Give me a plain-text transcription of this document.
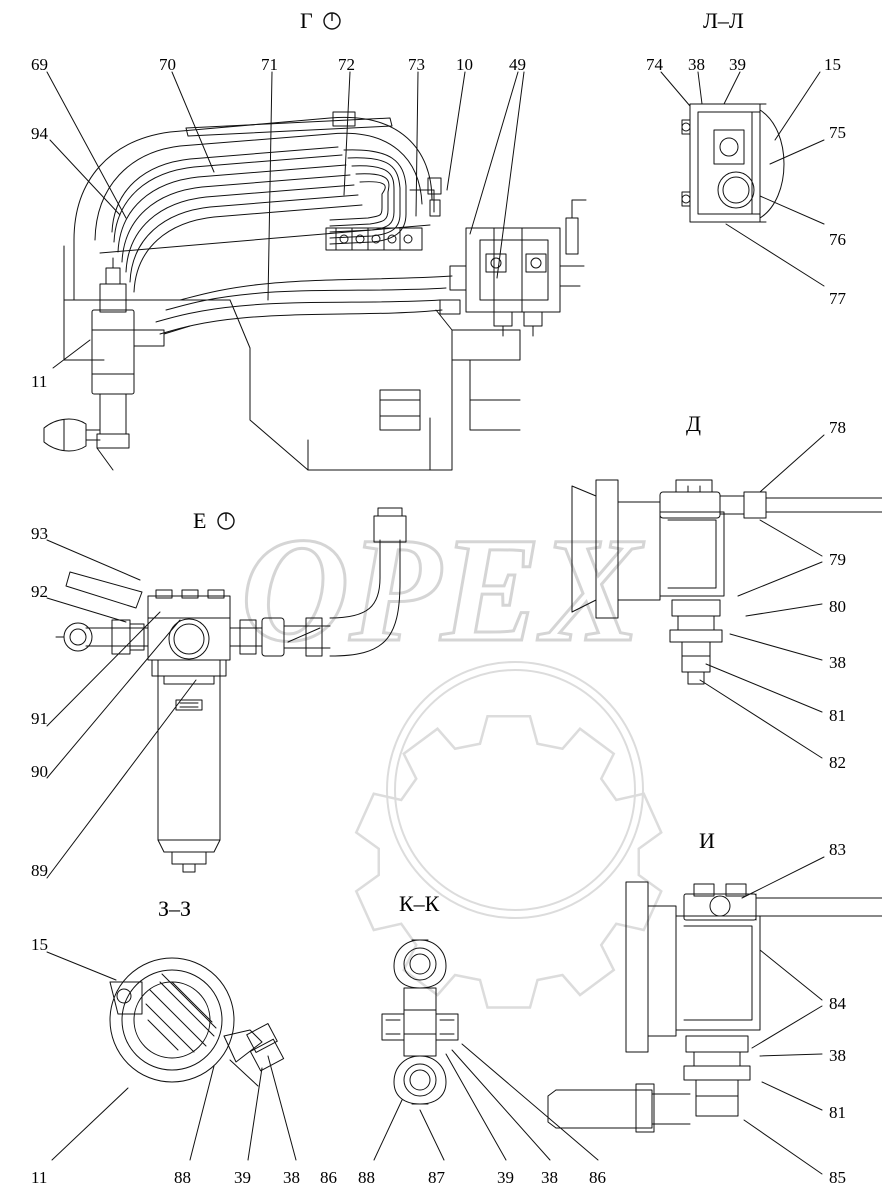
OPEX
Г	Л–Л
Д
Е
И
З–З	К–К
69	70	71	72	73 10 49
94
11
74 38 39	15
75
76
77
78
79
80
38
81
82
93
92
91
90
89
83
84
38
81
85
15
11	88	39 38 86 88	87	39 38 86
